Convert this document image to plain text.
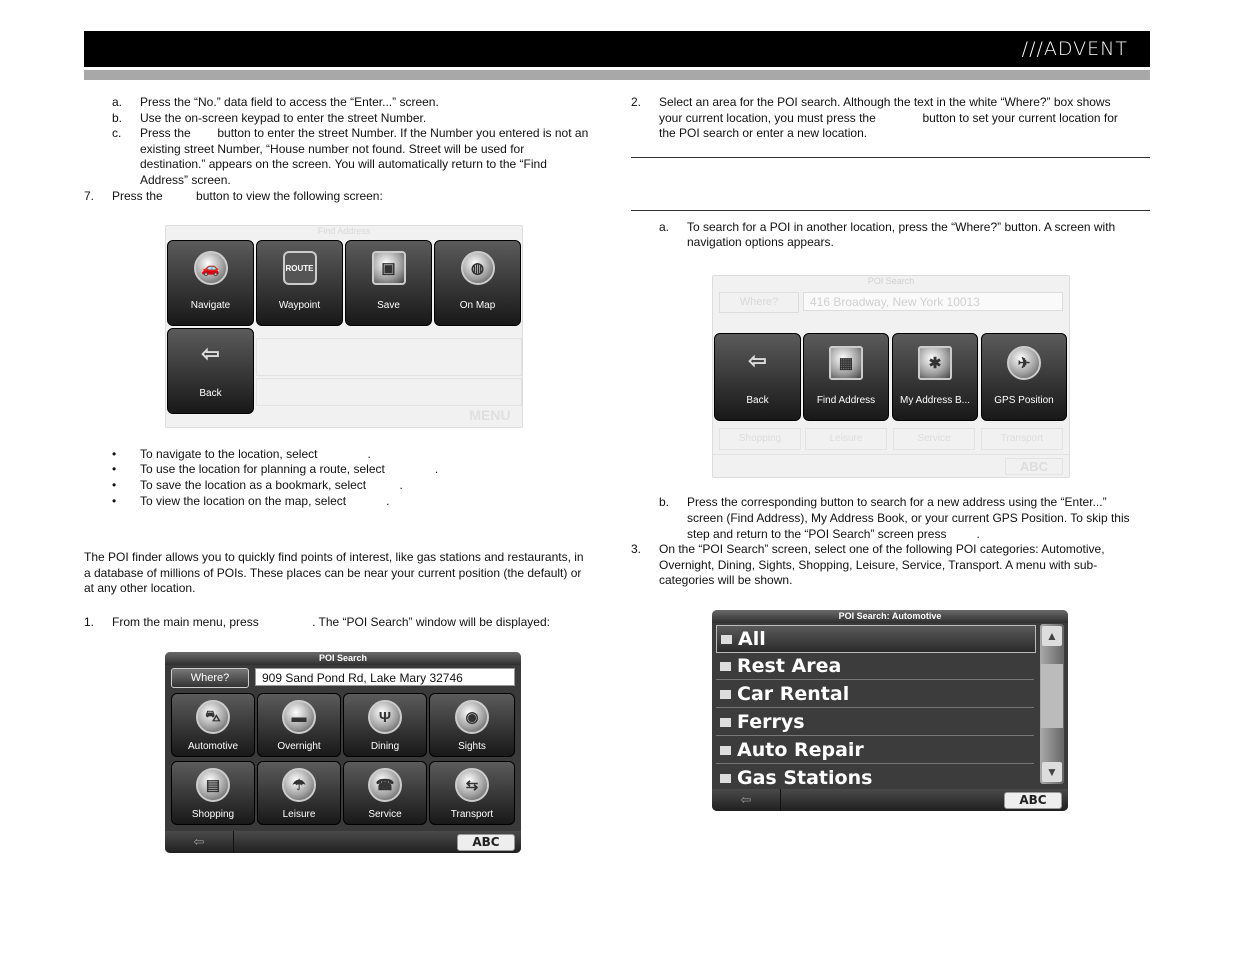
///ADVENT

a. Press the “No.” data field to access the “Enter...” screen.

b. Use the on-screen keypad to enter the street Number.

c. Press the        button to enter the street Number. If the Number you entered is not an

existing street Number, “House number not found. Street will be used for

destination.” appears on the screen. You will automatically return to the “Find

Address” screen.

7. Press the          button to view the following screen:

Find Address
🚗
Navigate
ROUTE
Waypoint
▣
Save
◍
On Map
⇦
Back
MENU

• To navigate to the location, select               .

• To use the location for planning a route, select               .

• To save the location as a bookmark, select          .

• To view the location on the map, select            .

The POI finder allows you to quickly find points of interest, like gas stations and restaurants, in

a database of millions of POIs. These places can be near your current position (the default) or

at any other location.

1. From the main menu, press                . The “POI Search” window will be displayed:

POI Search
Where?	909 Sand Pond Rd, Lake Mary 32746
⛍
Automotive
▬
Overnight
Ψ
Dining
◉
Sights
▤
Shopping
☂
Leisure
☎
Service
⇆
Transport
⇦	ABC

2. Select an area for the POI search. Although the text in the white “Where?” box shows

your current location, you must press the              button to set your current location for

the POI search or enter a new location.

a. To search for a POI in another location, press the “Where?” button. A screen with

navigation options appears.

POI Search
Where?	416 Broadway, New York 10013
⇦
Back
▦
Find Address
✱
My Address B...
✈
GPS Position
Shopping	Leisure	Service	Transport
ABC

b. Press the corresponding button to search for a new address using the “Enter...”

screen (Find Address), My Address Book, or your current GPS Position. To skip this

step and return to the “POI Search” screen press         .

3. On the “POI Search” screen, select one of the following POI categories: Automotive,

Overnight, Dining, Sights, Shopping, Leisure, Service, Transport. A menu with sub-

categories will be shown.

POI Search: Automotive
All
Rest Area
Car Rental
Ferrys
Auto Repair
Gas Stations
▲
▼
⇦	ABC
